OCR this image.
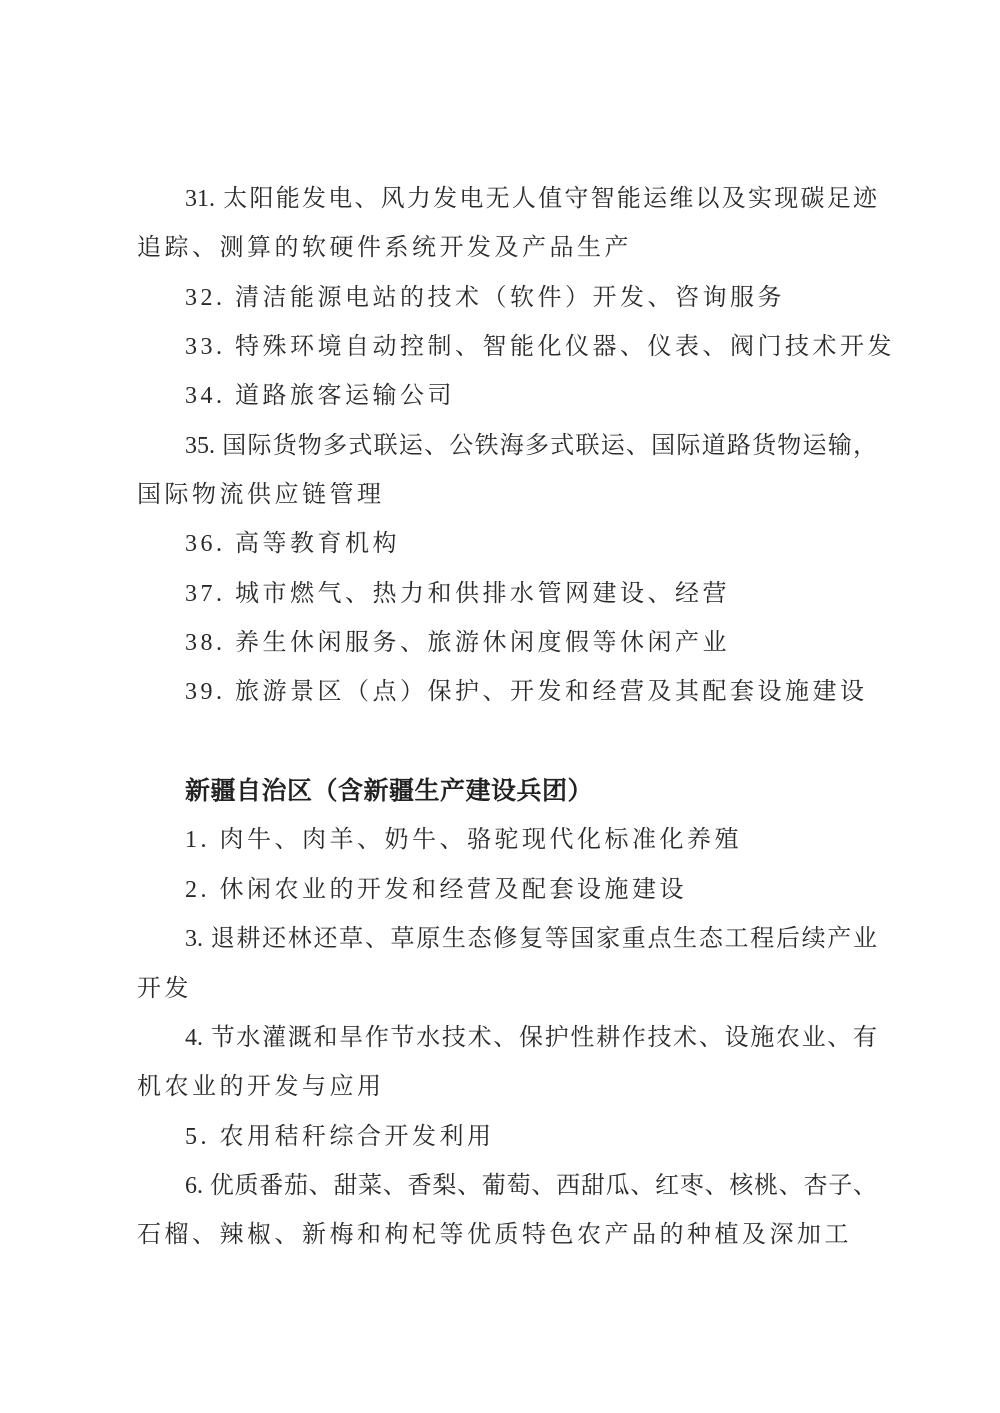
31. 太阳能发电、风力发电无人值守智能运维以及实现碳足迹
追踪、测算的软硬件系统开发及产品生产
32. 清洁能源电站的技术（软件）开发、咨询服务
33. 特殊环境自动控制、智能化仪器、仪表、阀门技术开发
34. 道路旅客运输公司
35. 国际货物多式联运、公铁海多式联运、国际道路货物运输，
国际物流供应链管理
36. 高等教育机构
37. 城市燃气、热力和供排水管网建设、经营
38. 养生休闲服务、旅游休闲度假等休闲产业
39. 旅游景区（点）保护、开发和经营及其配套设施建设
新疆自治区（含新疆生产建设兵团）
1. 肉牛、肉羊、奶牛、骆驼现代化标准化养殖
2. 休闲农业的开发和经营及配套设施建设
3. 退耕还林还草、草原生态修复等国家重点生态工程后续产业
开发
4. 节水灌溉和旱作节水技术、保护性耕作技术、设施农业、有
机农业的开发与应用
5. 农用秸秆综合开发利用
6. 优质番茄、甜菜、香梨、葡萄、西甜瓜、红枣、核桃、杏子、
石榴、辣椒、新梅和枸杞等优质特色农产品的种植及深加工
